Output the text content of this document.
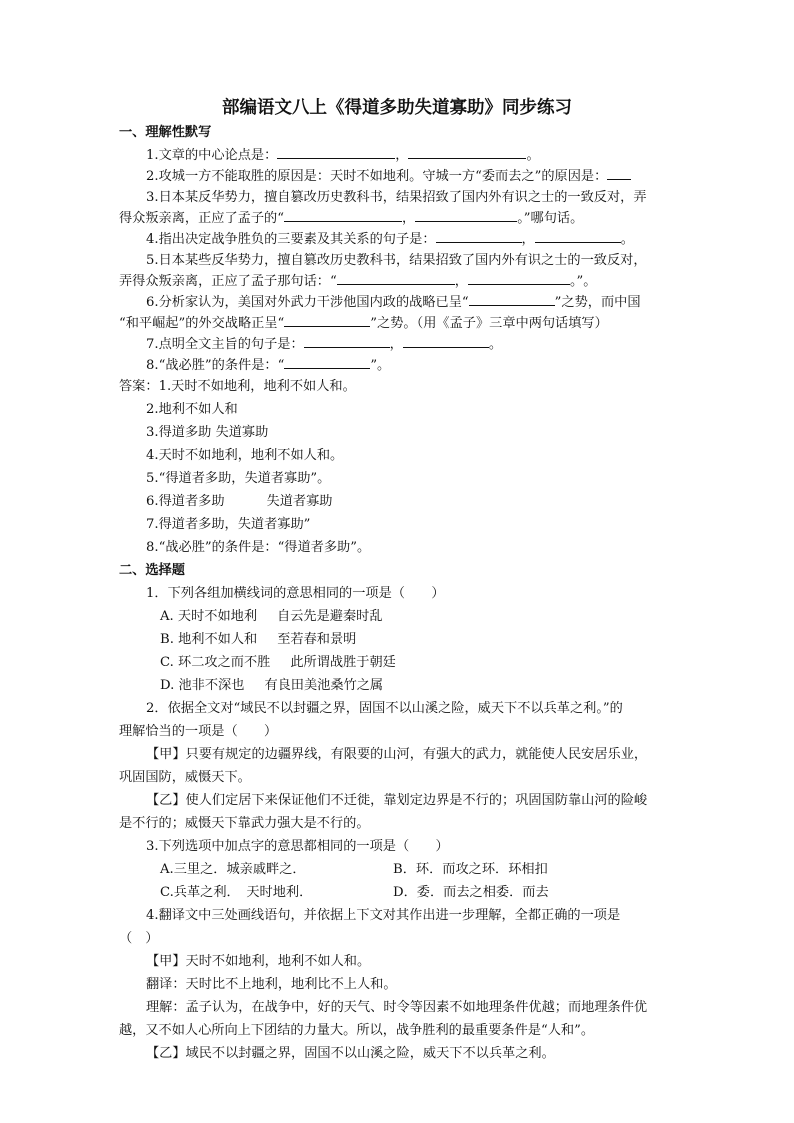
部编语文八上《得道多助失道寡助》同步练习
一、理解性默写
1.文章的中心论点是：	，	。
2.攻城一方不能取胜的原因是：天时不如地利。守城一方“委而去之”的原因是：
3.日本某反华势力，擅自篡改历史教科书，结果招致了国内外有识之士的一致反对，弄
得众叛亲离，正应了孟子的“	，	。”哪句话。
4.指出决定战争胜负的三要素及其关系的句子是：	，	。
5.日本某些反华势力，擅自篡改历史教科书，结果招致了国内外有识之士的一致反对，
弄得众叛亲离，正应了孟子那句话：“	，	。”。
6.分析家认为，美国对外武力干涉他国内政的战略已呈“	”之势，而中国
“和平崛起”的外交战略正呈“	”之势。（用《孟子》三章中两句话填写）
7.点明全文主旨的句子是：	，	。
8.“战必胜”的条件是：“	”。
答案：1.天时不如地利，地利不如人和。
2.地利不如人和
3.得道多助 失道寡助
4.天时不如地利，地利不如人和。
5.“得道者多助，失道者寡助”。
6.得道者多助	失道者寡助
7.得道者多助，失道者寡助”
8.“战必胜”的条件是：“得道者多助”。
二、选择题
1．下列各组加横线词的意思相同的一项是（　　）
A. 天时不如地利 自云先是避秦时乱
B. 地利不如人和 至若春和景明
C. 环二攻之而不胜 此所谓战胜于朝廷
D. 池非不深也 有良田美池桑竹之属
2．依据全文对“域民不以封疆之界，固国不以山溪之险，威天下不以兵革之利。”的
理解恰当的一项是（　　）
【甲】只要有规定的边疆界线，有限要的山河，有强大的武力，就能使人民安居乐业，
巩固国防，威慑天下。
【乙】使人们定居下来保证他们不迁徙，靠划定边界是不行的；巩固国防靠山河的险峻
是不行的；威慑天下靠武力强大是不行的。
3.下列选项中加点字的意思都相同的一项是（　　）
A.三里之．城亲戚畔之．	B．环．而攻之环．环相扣
C.兵革之利．　天时地利．	D．委．而去之相委．而去
4.翻译文中三处画线语句，并依据上下文对其作出进一步理解，全都正确的一项是
（　）
【甲】天时不如地利，地利不如人和。
翻译：天时比不上地利，地利比不上人和。
理解：孟子认为，在战争中，好的天气、时令等因素不如地理条件优越；而地理条件优
越，又不如人心所向上下团结的力量大。所以，战争胜利的最重要条件是“人和”。
【乙】域民不以封疆之界，固国不以山溪之险，威天下不以兵革之利。
